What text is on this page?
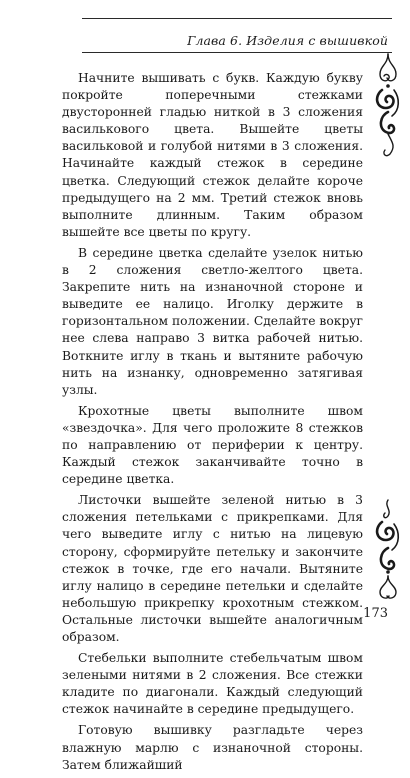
Глава 6. Изделия с вышивкой

Начните вышивать с букв. Каждую букву покройте поперечными стежками двусторонней гладью ниткой в 3 сложения василькового цвета. Вышейте цветы васильковой и голубой нитями в 3 сложения. Начинайте каждый стежок в середине цветка. Следующий стежок делайте короче предыдущего на 2 мм. Третий стежок вновь выполните длинным. Таким образом вышейте все цветы по кругу.

В середине цветка сделайте узелок нитью в 2 сложения светло-желтого цвета. Закрепите нить на изнаночной стороне и выведите ее налицо. Иголку держите в горизонтальном положении. Сделайте вокруг нее слева направо 3 витка рабочей нитью. Воткните иглу в ткань и вытяните рабочую нить на изнанку, одновременно затягивая узлы.

Крохотные цветы выполните швом «звездочка». Для чего проложите 8 стежков по направлению от периферии к центру. Каждый стежок заканчивайте точно в середине цветка.

Листочки вышейте зеленой нитью в 3 сложения петельками с прикрепками. Для чего выведите иглу с нитью на лицевую сторону, сформируйте петельку и закончите стежок в точке, где его начали. Вытяните иглу налицо в середине петельки и сделайте небольшую прикрепку крохотным стежком. Остальные листочки вышейте аналогичным образом.

Стебельки выполните стебельчатым швом зелеными нитями в 2 сложения. Все стежки кладите по диагонали. Каждый следующий стежок начинайте в середине предыдущего.

Готовую вышивку разгладьте через влажную марлю с изнаночной стороны. Затем ближайший

173
